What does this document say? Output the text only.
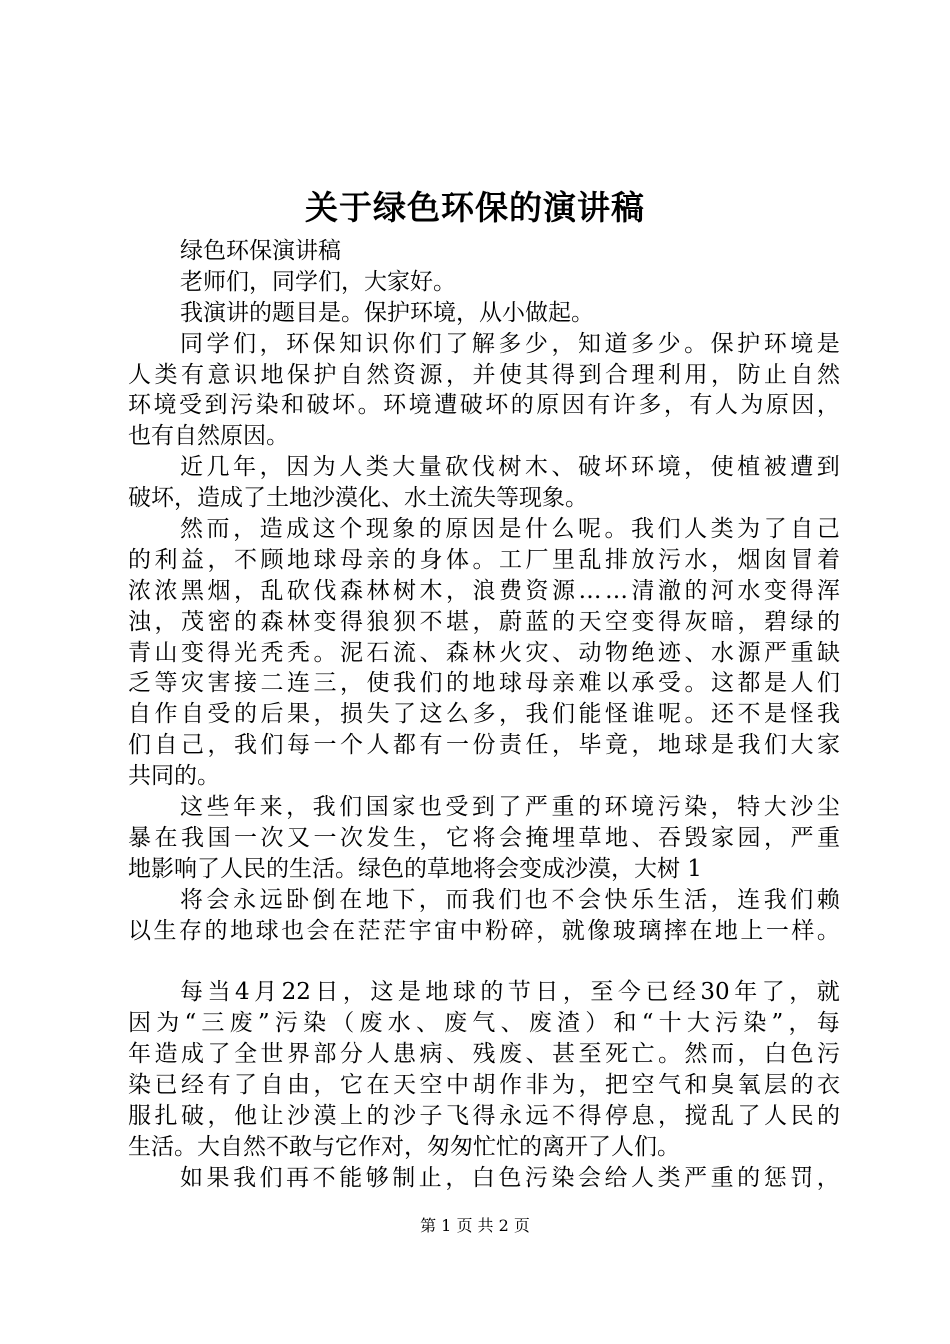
关于绿色环保的演讲稿
绿色环保演讲稿
老师们，同学们，大家好。
我演讲的题目是。保护环境，从小做起。
同 学 们 ， 环 保 知 识 你 们 了 解 多 少 ， 知 道 多 少 。 保 护 环 境 是
人 类 有 意 识 地 保 护 自 然 资 源 ， 并 使 其 得 到 合 理 利 用 ， 防 止 自 然
环 境 受 到 污 染 和 破 坏 。 环 境 遭 破 坏 的 原 因 有 许 多 ， 有 人 为 原 因 ，
也有自然原因。
近 几 年 ， 因 为 人 类 大 量 砍 伐 树 木 、 破 坏 环 境 ， 使 植 被 遭 到
破坏，造成了土地沙漠化、水土流失等现象。
然 而 ， 造 成 这 个 现 象 的 原 因 是 什 么 呢 。 我 们 人 类 为 了 自 己
的 利 益 ， 不 顾 地 球 母 亲 的 身 体 。 工 厂 里 乱 排 放 污 水 ， 烟 囱 冒 着
浓 浓 黑 烟 ， 乱 砍 伐 森 林 树 木 ， 浪 费 资 源 … … 清 澈 的 河 水 变 得 浑
浊 ， 茂 密 的 森 林 变 得 狼 狈 不 堪 ， 蔚 蓝 的 天 空 变 得 灰 暗 ， 碧 绿 的
青 山 变 得 光 秃 秃 。 泥 石 流 、 森 林 火 灾 、 动 物 绝 迹 、 水 源 严 重 缺
乏 等 灾 害 接 二 连 三 ， 使 我 们 的 地 球 母 亲 难 以 承 受 。 这 都 是 人 们
自 作 自 受 的 后 果 ， 损 失 了 这 么 多 ， 我 们 能 怪 谁 呢 。 还 不 是 怪 我
们 自 己 ， 我 们 每 一 个 人 都 有 一 份 责 任 ， 毕 竟 ， 地 球 是 我 们 大 家
共同的。
这 些 年 来 ， 我 们 国 家 也 受 到 了 严 重 的 环 境 污 染 ， 特 大 沙 尘
暴 在 我 国 一 次 又 一 次 发 生 ， 它 将 会 掩 埋 草 地 、 吞 毁 家 园 ， 严 重
地影响了人民的生活。绿色的草地将会变成沙漠，大树 1
将 会 永 远 卧 倒 在 地 下 ， 而 我 们 也 不 会 快 乐 生 活 ， 连 我 们 赖
以 生 存 的 地 球 也 会 在 茫 茫 宇 宙 中 粉 碎 ， 就 像 玻 璃 摔 在 地 上 一 样 。
每 当 4 月 22 日 ， 这 是 地 球 的 节 日 ， 至 今 已 经 30 年 了 ， 就
因 为 “ 三 废 ” 污 染 （ 废 水 、 废 气 、 废 渣 ） 和 “ 十 大 污 染 ” ， 每
年 造 成 了 全 世 界 部 分 人 患 病 、 残 废 、 甚 至 死 亡 。 然 而 ， 白 色 污
染 已 经 有 了 自 由 ， 它 在 天 空 中 胡 作 非 为 ， 把 空 气 和 臭 氧 层 的 衣
服 扎 破 ， 他 让 沙 漠 上 的 沙 子 飞 得 永 远 不 得 停 息 ， 搅 乱 了 人 民 的
生活。大自然不敢与它作对，匆匆忙忙的离开了人们。
如 果 我 们 再 不 能 够 制 止 ， 白 色 污 染 会 给 人 类 严 重 的 惩 罚 ，
第 1 页 共 2 页
